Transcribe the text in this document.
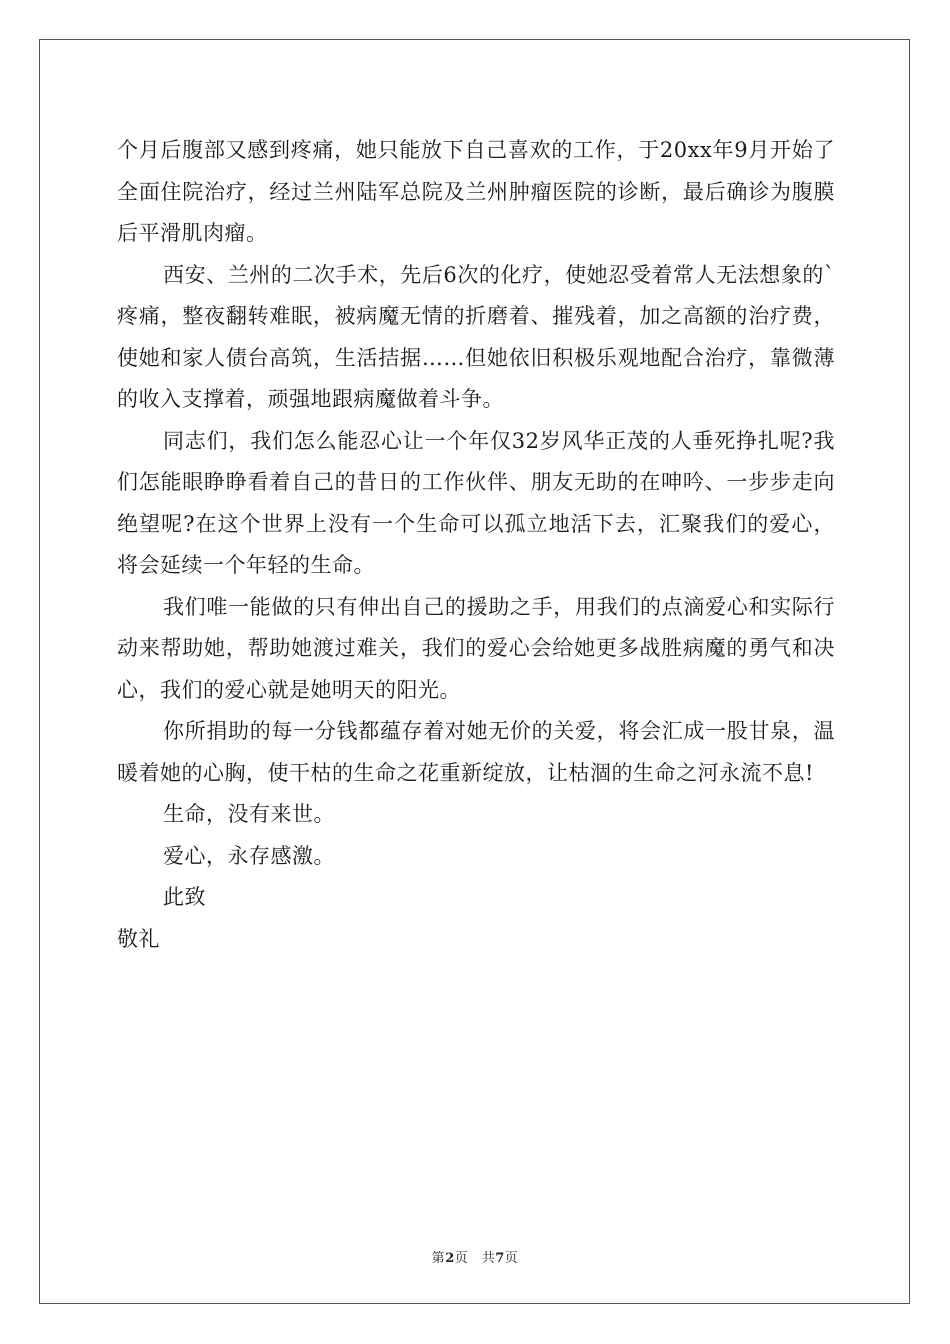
个月后腹部又感到疼痛，她只能放下自己喜欢的工作，于20xx年9月开始了全面住院治疗，经过兰州陆军总院及兰州肿瘤医院的诊断，最后确诊为腹膜后平滑肌肉瘤。

西安、兰州的二次手术，先后6次的化疗，使她忍受着常人无法想象的`疼痛，整夜翻转难眠，被病魔无情的折磨着、摧残着，加之高额的治疗费，使她和家人债台高筑，生活拮据……但她依旧积极乐观地配合治疗，靠微薄的收入支撑着，顽强地跟病魔做着斗争。

同志们，我们怎么能忍心让一个年仅32岁风华正茂的人垂死挣扎呢?我们怎能眼睁睁看着自己的昔日的工作伙伴、朋友无助的在呻吟、一步步走向绝望呢?在这个世界上没有一个生命可以孤立地活下去，汇聚我们的爱心，将会延续一个年轻的生命。

我们唯一能做的只有伸出自己的援助之手，用我们的点滴爱心和实际行动来帮助她，帮助她渡过难关，我们的爱心会给她更多战胜病魔的勇气和决心，我们的爱心就是她明天的阳光。

你所捐助的每一分钱都蕴存着对她无价的关爱，将会汇成一股甘泉，温暖着她的心胸，使干枯的生命之花重新绽放，让枯涸的生命之河永流不息!

生命，没有来世。

爱心，永存感激。

此致

敬礼

第2页　共7页
